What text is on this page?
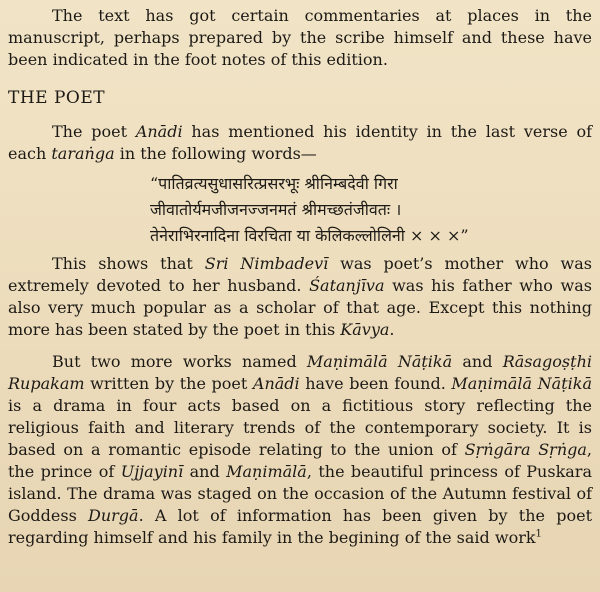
The text has got certain commentaries at places in the manuscript, perhaps prepared by the scribe himself and these have been indicated in the foot notes of this edition.

THE POET

The poet Anādi has mentioned his identity in the last verse of each taraṅga in the following words—

“पातिव्रत्यसुधासरित्प्रसरभूः श्रीनिम्बदेवी गिरा
जीवातोर्यमजीजनज्जनमतं श्रीमच्छतंजीवतः ।
तेनेराभिरनादिना विरचिता या केलिकल्लोलिनी × × ×”

This shows that Sri Nimbadevī was poet’s mother who was extremely devoted to her husband. Śatanjīva was his father who was also very much popular as a scholar of that age. Except this nothing more has been stated by the poet in this Kāvya.

But two more works named Maṇimālā Nāṭikā and Rāsagoṣṭhi Rupakam written by the poet Anādi have been found. Maṇimālā Nāṭikā is a drama in four acts based on a fictitious story reflecting the religious faith and literary trends of the contemporary society. It is based on a romantic episode relating to the union of Sṛṅgāra Sṛṅga, the prince of Ujjayinī and Maṇimālā, the beautiful princess of Puskara island. The drama was staged on the occasion of the Autumn festival of Goddess Durgā. A lot of information has been given by the poet regarding himself and his family in the begining of the said work$^1$
